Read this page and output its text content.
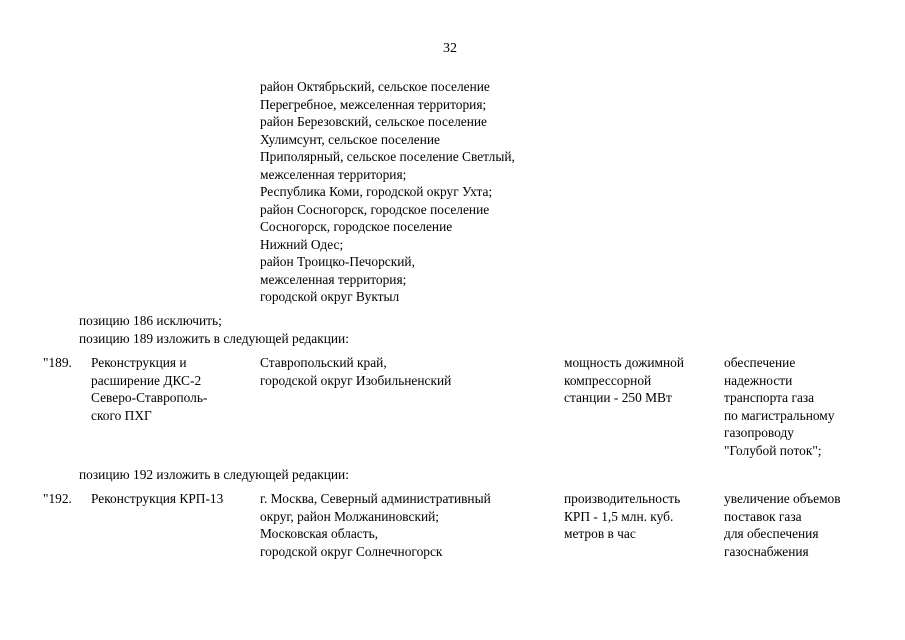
32
район Октябрьский, сельское поселение
Перегребное, межселенная территория;
район Березовский, сельское поселение
Хулимсунт, сельское поселение
Приполярный, сельское поселение Светлый,
межселенная территория;
Республика Коми, городской округ Ухта;
район Сосногорск, городское поселение
Сосногорск, городское поселение
Нижний Одес;
район Троицко-Печорский,
межселенная территория;
городской округ Вуктыл
позицию 186 исключить;
позицию 189 изложить в следующей редакции:
"189. Реконструкция и
расширение ДКС-2
Северо-Ставрополь-
ского ПХГ
Ставропольский край,
городской округ Изобильненский
мощность дожимной
компрессорной
станции - 250 МВт
обеспечение
надежности
транспорта газа
по магистральному
газопроводу
"Голубой поток";
позицию 192 изложить в следующей редакции:
"192. Реконструкция КРП-13	г. Москва, Северный административный
округ, район Молжаниновский;
Московская область,
городской округ Солнечногорск
производительность
КРП - 1,5 млн. куб.
метров в час
увеличение объемов
поставок газа
для обеспечения
газоснабжения
